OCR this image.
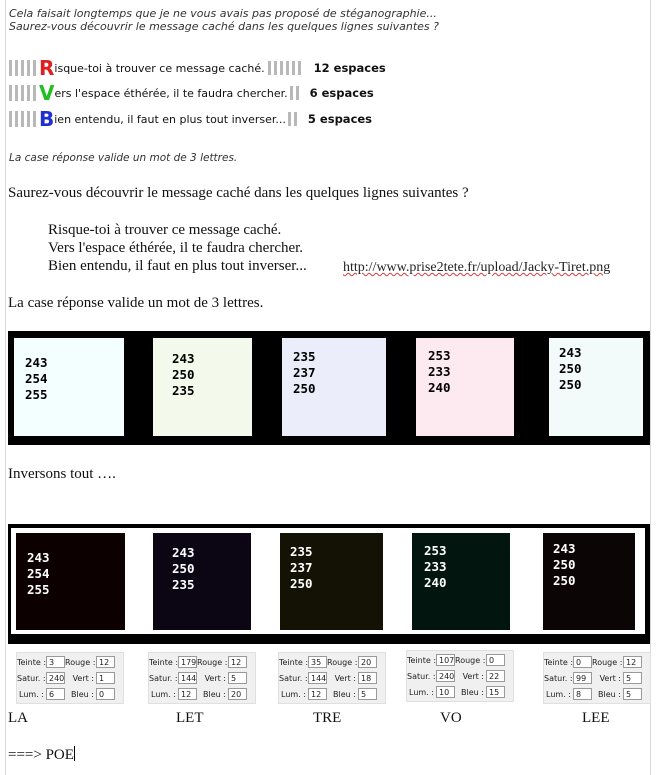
Cela faisait longtemps que je ne vous avais pas proposé de stéganographie...
Saurez-vous découvrir le message caché dans les quelques lignes suivantes ?
R isque-toi à trouver ce message caché.	12 espaces
V ers l'espace éthérée, il te faudra chercher. 6 espaces
B ien entendu, il faut en plus tout inverser... 5 espaces
La case réponse valide un mot de 3 lettres.
Saurez-vous découvrir le message caché dans les quelques lignes suivantes ?
Risque-toi à trouver ce message caché.
Vers l'espace éthérée, il te faudra chercher.
Bien entendu, il faut en plus tout inverser...	http://www.prise2tete.fr/upload/Jacky-Tiret.png
La case réponse valide un mot de 3 lettres.
243
254
255
243
250
235
235
237
250
253
233
240
243
250
250
Inversons tout ….
243
254
255
243
250
235
235
237
250
253
233
240
243
250
250
Teinte : 3 Rouge : 12
Satur. : 240 Vert : 1
Lum. : 6 Bleu : 0
Teinte : 179Rouge : 12
Satur. : 144 Vert : 5
Lum. : 12 Bleu : 20
Teinte : 35 Rouge : 20
Satur. : 144 Vert : 18
Lum. : 12 Bleu : 5
Teinte : 107Rouge : 0
Satur. : 240 Vert : 22
Lum. : 10 Bleu : 15
Teinte : 0 Rouge : 12
Satur. : 99 Vert : 5
Lum. : 8 Bleu : 5
LA	LET	TRE	VO	LEE
===> POE
